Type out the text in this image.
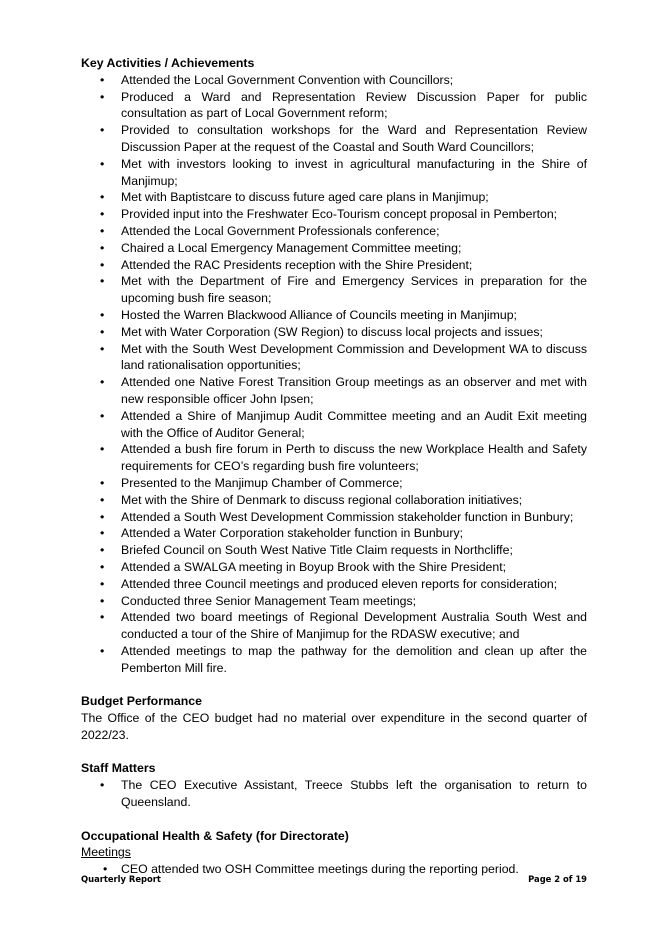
Key Activities / Achievements
• Attended the Local Government Convention with Councillors;
• Produced a Ward and Representation Review Discussion Paper for public consultation as part of Local Government reform;
• Provided to consultation workshops for the Ward and Representation Review Discussion Paper at the request of the Coastal and South Ward Councillors;
• Met with investors looking to invest in agricultural manufacturing in the Shire of Manjimup;
• Met with Baptistcare to discuss future aged care plans in Manjimup;
• Provided input into the Freshwater Eco-Tourism concept proposal in Pemberton;
• Attended the Local Government Professionals conference;
• Chaired a Local Emergency Management Committee meeting;
• Attended the RAC Presidents reception with the Shire President;
• Met with the Department of Fire and Emergency Services in preparation for the upcoming bush fire season;
• Hosted the Warren Blackwood Alliance of Councils meeting in Manjimup;
• Met with Water Corporation (SW Region) to discuss local projects and issues;
• Met with the South West Development Commission and Development WA to discuss land rationalisation opportunities;
• Attended one Native Forest Transition Group meetings as an observer and met with new responsible officer John Ipsen;
• Attended a Shire of Manjimup Audit Committee meeting and an Audit Exit meeting with the Office of Auditor General;
• Attended a bush fire forum in Perth to discuss the new Workplace Health and Safety requirements for CEO’s regarding bush fire volunteers;
• Presented to the Manjimup Chamber of Commerce;
• Met with the Shire of Denmark to discuss regional collaboration initiatives;
• Attended a South West Development Commission stakeholder function in Bunbury;
• Attended a Water Corporation stakeholder function in Bunbury;
• Briefed Council on South West Native Title Claim requests in Northcliffe;
• Attended a SWALGA meeting in Boyup Brook with the Shire President;
• Attended three Council meetings and produced eleven reports for consideration;
• Conducted three Senior Management Team meetings;
• Attended two board meetings of Regional Development Australia South West and conducted a tour of the Shire of Manjimup for the RDASW executive; and
• Attended meetings to map the pathway for the demolition and clean up after the Pemberton Mill fire.
Budget Performance
The Office of the CEO budget had no material over expenditure in the second quarter of 2022/23.
Staff Matters
• The CEO Executive Assistant, Treece Stubbs left the organisation to return to Queensland.
Occupational Health & Safety (for Directorate)
Meetings
• CEO attended two OSH Committee meetings during the reporting period.
Quarterly Report	Page 2 of 19
